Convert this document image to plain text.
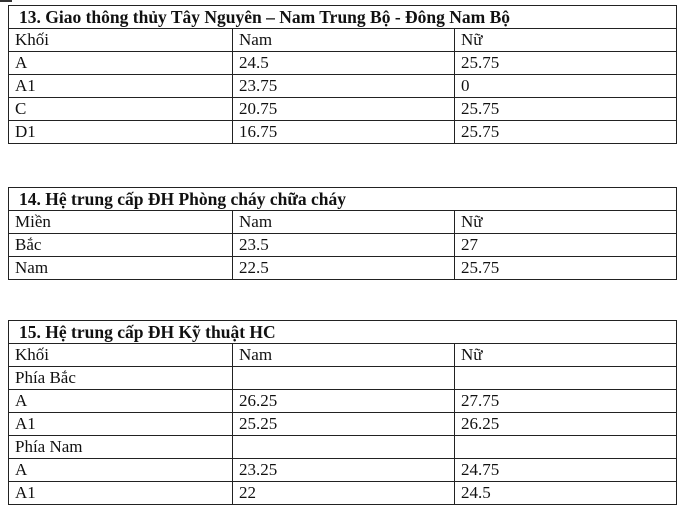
13. Giao thông thủy Tây Nguyên – Nam Trung Bộ - Đông Nam Bộ		
Khối	Nam	Nữ
A	24.5	25.75
A1	23.75	0
C	20.75	25.75
D1	16.75	25.75
14. Hệ trung cấp ĐH Phòng cháy chữa cháy		
Miền	Nam	Nữ
Bắc	23.5	27
Nam	22.5	25.75
15. Hệ trung cấp ĐH Kỹ thuật HC		
Khối	Nam	Nữ
Phía Bắc		
A	26.25	27.75
A1	25.25	26.25
Phía Nam		
A	23.25	24.75
A1	22	24.5
